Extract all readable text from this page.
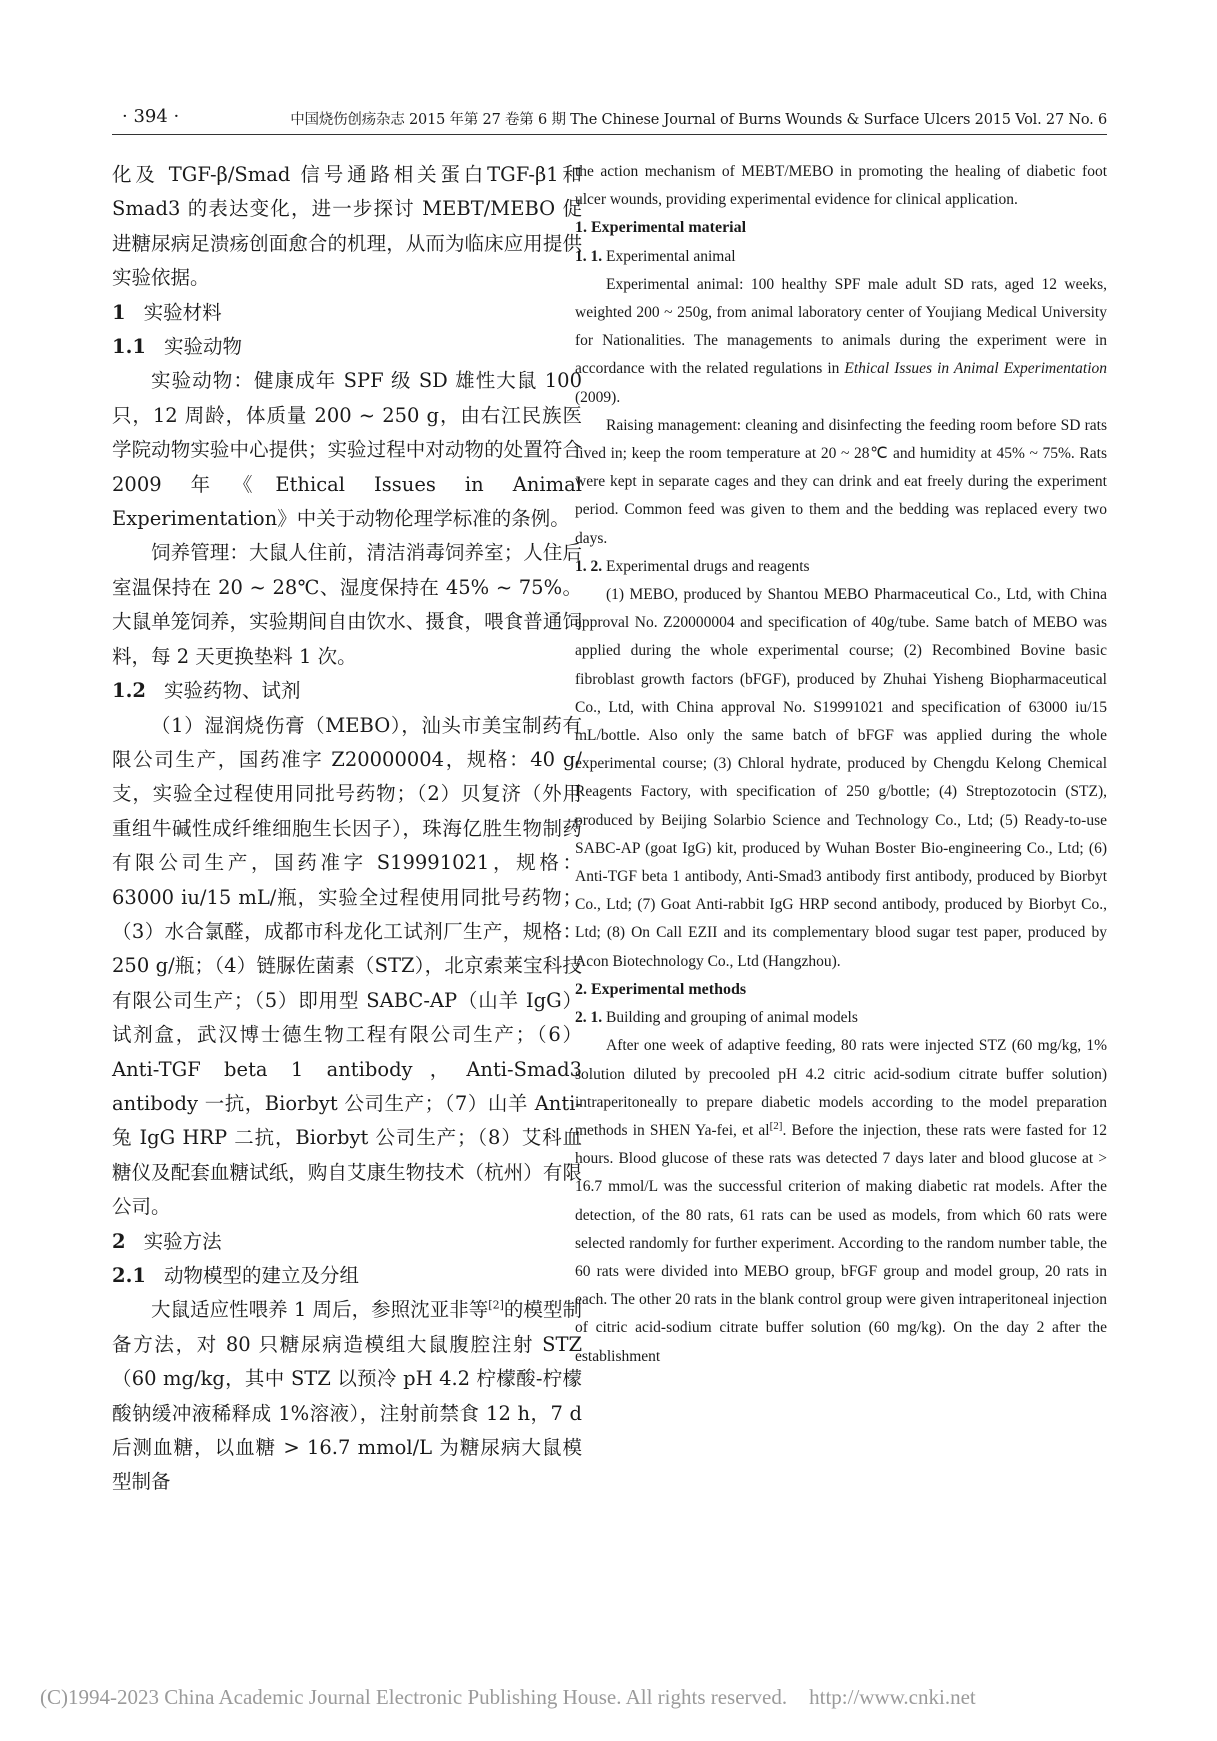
· 394 ·	中国烧伤创疡杂志 2015 年第 27 卷第 6 期 The Chinese Journal of Burns Wounds & Surface Ulcers 2015 Vol. 27 No. 6

化及 TGF-β/Smad 信号通路相关蛋白TGF-β1和Smad3 的表达变化，进一步探讨 MEBT/MEBO 促进糖尿病足溃疡创面愈合的机理，从而为临床应用提供实验依据。

1 实验材料
1.1 实验动物

实验动物：健康成年 SPF 级 SD 雄性大鼠 100 只，12 周龄，体质量 200 ~ 250 g，由右江民族医学院动物实验中心提供；实验过程中对动物的处置符合 2009 年《Ethical Issues in Animal Experimentation》中关于动物伦理学标准的条例。

饲养管理：大鼠人住前，清洁消毒饲养室；人住后室温保持在 20 ~ 28℃、湿度保持在 45% ~ 75%。大鼠单笼饲养，实验期间自由饮水、摄食，喂食普通饲料，每 2 天更换垫料 1 次。

1.2 实验药物、试剂

（1）湿润烧伤膏（MEBO），汕头市美宝制药有限公司生产，国药准字 Z20000004，规格：40 g/支，实验全过程使用同批号药物；（2）贝复济（外用重组牛碱性成纤维细胞生长因子），珠海亿胜生物制药有限公司生产，国药准字 S19991021，规格：63000 iu/15 mL/瓶，实验全过程使用同批号药物；（3）水合氯醛，成都市科龙化工试剂厂生产，规格：250 g/瓶；（4）链脲佐菌素（STZ），北京索莱宝科技有限公司生产；（5）即用型 SABC-AP（山羊 IgG）试剂盒，武汉博士德生物工程有限公司生产；（6）Anti-TGF beta 1 antibody，Anti-Smad3 antibody 一抗，Biorbyt 公司生产；（7）山羊 Anti-兔 IgG HRP 二抗，Biorbyt 公司生产；（8）艾科血糖仪及配套血糖试纸，购自艾康生物技术（杭州）有限公司。

2 实验方法
2.1 动物模型的建立及分组

大鼠适应性喂养 1 周后，参照沈亚非等[2]的模型制备方法，对 80 只糖尿病造模组大鼠腹腔注射 STZ（60 mg/kg，其中 STZ 以预冷 pH 4.2 柠檬酸-柠檬酸钠缓冲液稀释成 1%溶液），注射前禁食 12 h，7 d 后测血糖，以血糖 > 16.7 mmol/L 为糖尿病大鼠模型制备

the action mechanism of MEBT/MEBO in promoting the healing of diabetic foot ulcer wounds, providing experimental evidence for clinical application.

1. Experimental material
1. 1. Experimental animal

Experimental animal: 100 healthy SPF male adult SD rats, aged 12 weeks, weighted 200 ~ 250g, from animal laboratory center of Youjiang Medical University for Nationalities. The managements to animals during the experiment were in accordance with the related regulations in Ethical Issues in Animal Experimentation (2009).

Raising management: cleaning and disinfecting the feeding room before SD rats lived in; keep the room temperature at 20 ~ 28℃ and humidity at 45% ~ 75%. Rats were kept in separate cages and they can drink and eat freely during the experiment period. Common feed was given to them and the bedding was replaced every two days.

1. 2. Experimental drugs and reagents

(1) MEBO, produced by Shantou MEBO Pharmaceutical Co., Ltd, with China approval No. Z20000004 and specification of 40g/tube. Same batch of MEBO was applied during the whole experimental course; (2) Recombined Bovine basic fibroblast growth factors (bFGF), produced by Zhuhai Yisheng Biopharmaceutical Co., Ltd, with China approval No. S19991021 and specification of 63000 iu/15 mL/bottle. Also only the same batch of bFGF was applied during the whole experimental course; (3) Chloral hydrate, produced by Chengdu Kelong Chemical Reagents Factory, with specification of 250 g/bottle; (4) Streptozotocin (STZ), produced by Beijing Solarbio Science and Technology Co., Ltd; (5) Ready-to-use SABC-AP (goat IgG) kit, produced by Wuhan Boster Bio-engineering Co., Ltd; (6) Anti-TGF beta 1 antibody, Anti-Smad3 antibody first antibody, produced by Biorbyt Co., Ltd; (7) Goat Anti-rabbit IgG HRP second antibody, produced by Biorbyt Co., Ltd; (8) On Call EZII and its complementary blood sugar test paper, produced by Acon Biotechnology Co., Ltd (Hangzhou).

2. Experimental methods
2. 1. Building and grouping of animal models

After one week of adaptive feeding, 80 rats were injected STZ (60 mg/kg, 1% solution diluted by precooled pH 4.2 citric acid-sodium citrate buffer solution) intraperitoneally to prepare diabetic models according to the model preparation methods in SHEN Ya-fei, et al[2]. Before the injection, these rats were fasted for 12 hours. Blood glucose of these rats was detected 7 days later and blood glucose at > 16.7 mmol/L was the successful criterion of making diabetic rat models. After the detection, of the 80 rats, 61 rats can be used as models, from which 60 rats were selected randomly for further experiment. According to the random number table, the 60 rats were divided into MEBO group, bFGF group and model group, 20 rats in each. The other 20 rats in the blank control group were given intraperitoneal injection of citric acid-sodium citrate buffer solution (60 mg/kg). On the day 2 after the establishment

(C)1994-2023 China Academic Journal Electronic Publishing House. All rights reserved. http://www.cnki.net
